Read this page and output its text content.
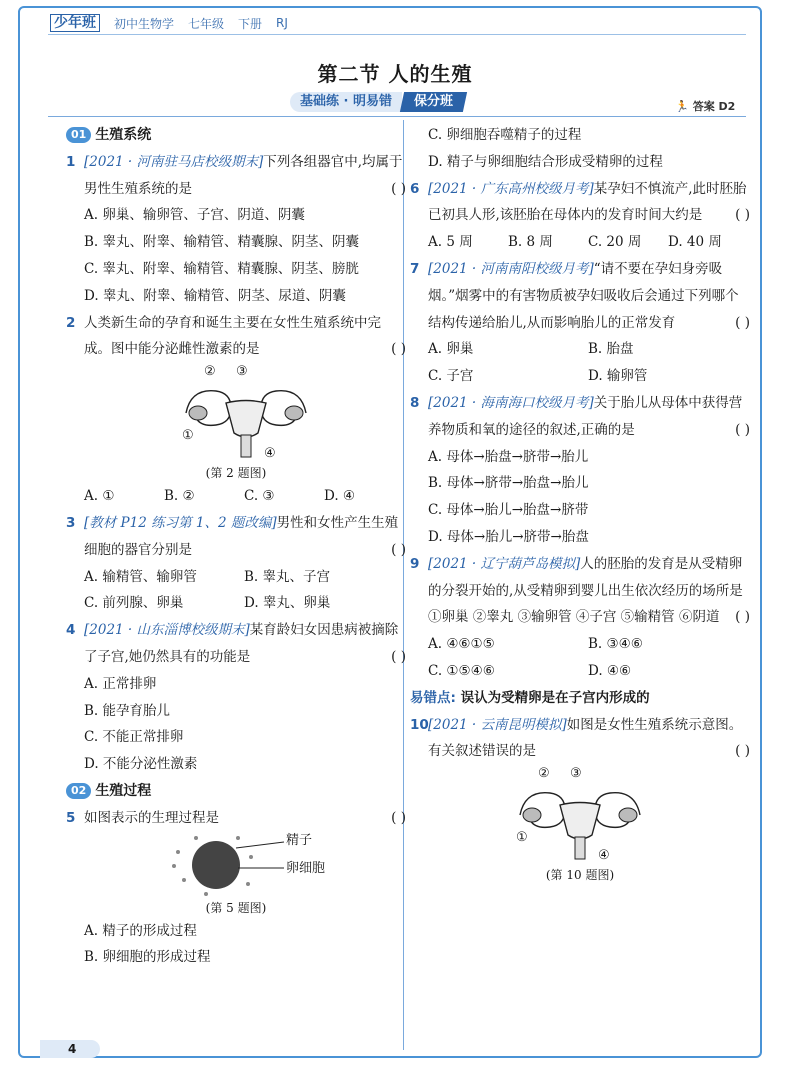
少年班	初中生物学 七年级 下册 RJ
第二节 人的生殖
基础练 · 明易错	保分班	🏃 答案 D2
01 生殖系统
1 [2021 · 河南驻马店校级期末]下列各组器官中,均属于男性生殖系统的是	( )
A. 卵巢、输卵管、子宫、阴道、阴囊
B. 睾丸、附睾、输精管、精囊腺、阴茎、阴囊
C. 睾丸、附睾、输精管、精囊腺、阴茎、膀胱
D. 睾丸、附睾、输精管、阴茎、尿道、阴囊
2 人类新生命的孕育和诞生主要在女性生殖系统中完成。图中能分泌雌性激素的是	( )
② ③
①
④
(第 2 题图)
A. ①	B. ②	C. ③	D. ④
3 [教材 P12 练习第 1、2 题改编]男性和女性产生生殖细胞的器官分别是	( )
A. 输精管、输卵管	B. 睾丸、子宫
C. 前列腺、卵巢	D. 睾丸、卵巢
4 [2021 · 山东淄博校级期末]某育龄妇女因患病被摘除了子宫,她仍然具有的功能是	( )
A. 正常排卵
B. 能孕育胎儿
C. 不能正常排卵
D. 不能分泌性激素
02 生殖过程
5 如图表示的生理过程是	( )
精子
卵细胞
(第 5 题图)
A. 精子的形成过程
B. 卵细胞的形成过程
C. 卵细胞吞噬精子的过程
D. 精子与卵细胞结合形成受精卵的过程
6 [2021 · 广东高州校级月考]某孕妇不慎流产,此时胚胎已初具人形,该胚胎在母体内的发育时间大约是 ( )
A. 5 周	B. 8 周	C. 20 周	D. 40 周
7 [2021 · 河南南阳校级月考]“请不要在孕妇身旁吸烟。”烟雾中的有害物质被孕妇吸收后会通过下列哪个结构传递给胎儿,从而影响胎儿的正常发育	( )
A. 卵巢	B. 胎盘
C. 子宫	D. 输卵管
8 [2021 · 海南海口校级月考]关于胎儿从母体中获得营养物质和氧的途径的叙述,正确的是	( )
A. 母体→胎盘→脐带→胎儿
B. 母体→脐带→胎盘→胎儿
C. 母体→胎儿→胎盘→脐带
D. 母体→胎儿→脐带→胎盘
9 [2021 · 辽宁葫芦岛模拟]人的胚胎的发育是从受精卵的分裂开始的,从受精卵到婴儿出生依次经历的场所是
( )
①卵巢 ②睾丸 ③输卵管 ④子宫 ⑤输精管 ⑥阴道
A. ④⑥①⑤	B. ③④⑥
C. ①⑤④⑥	D. ④⑥
易错点: 误认为受精卵是在子宫内形成的
10 [2021 · 云南昆明模拟]如图是女性生殖系统示意图。有关叙述错误的是	( )
② ③
①
④
(第 10 题图)
4
